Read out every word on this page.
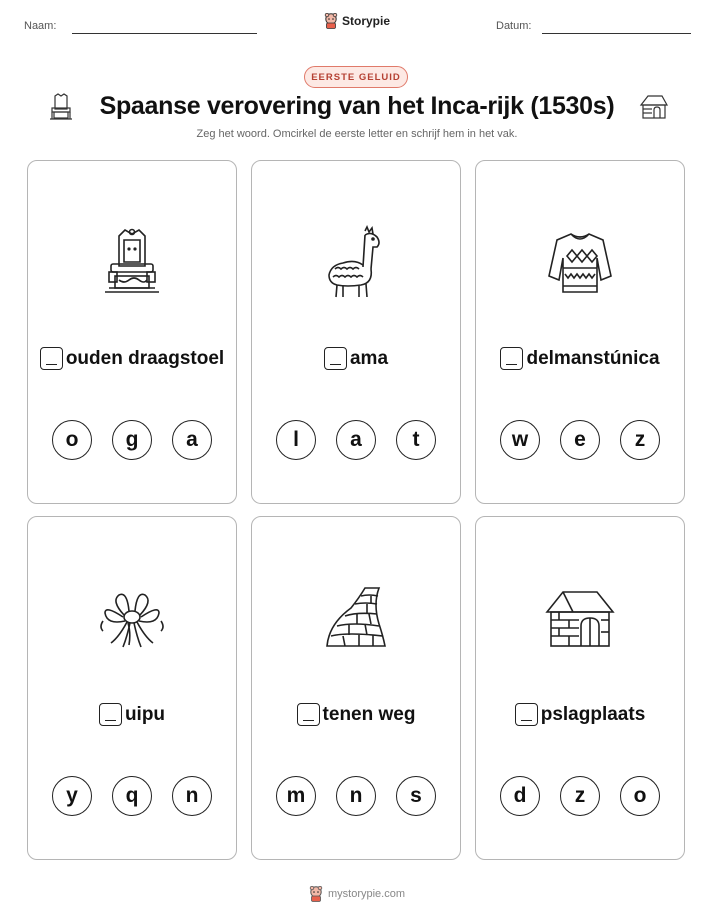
Naam:	Storypie	Datum:
EERSTE GELUID
Spaanse verovering van het Inca-rijk (1530s)
Zeg het woord. Omcirkel de eerste letter en schrijf hem in het vak.
ouden draagstoel
o	g	a
ama
l	a	t
delmanstúnica
w	e	z
uipu
y	q	n
tenen weg
m	n	s
pslagplaats
d	z	o
mystorypie.com
